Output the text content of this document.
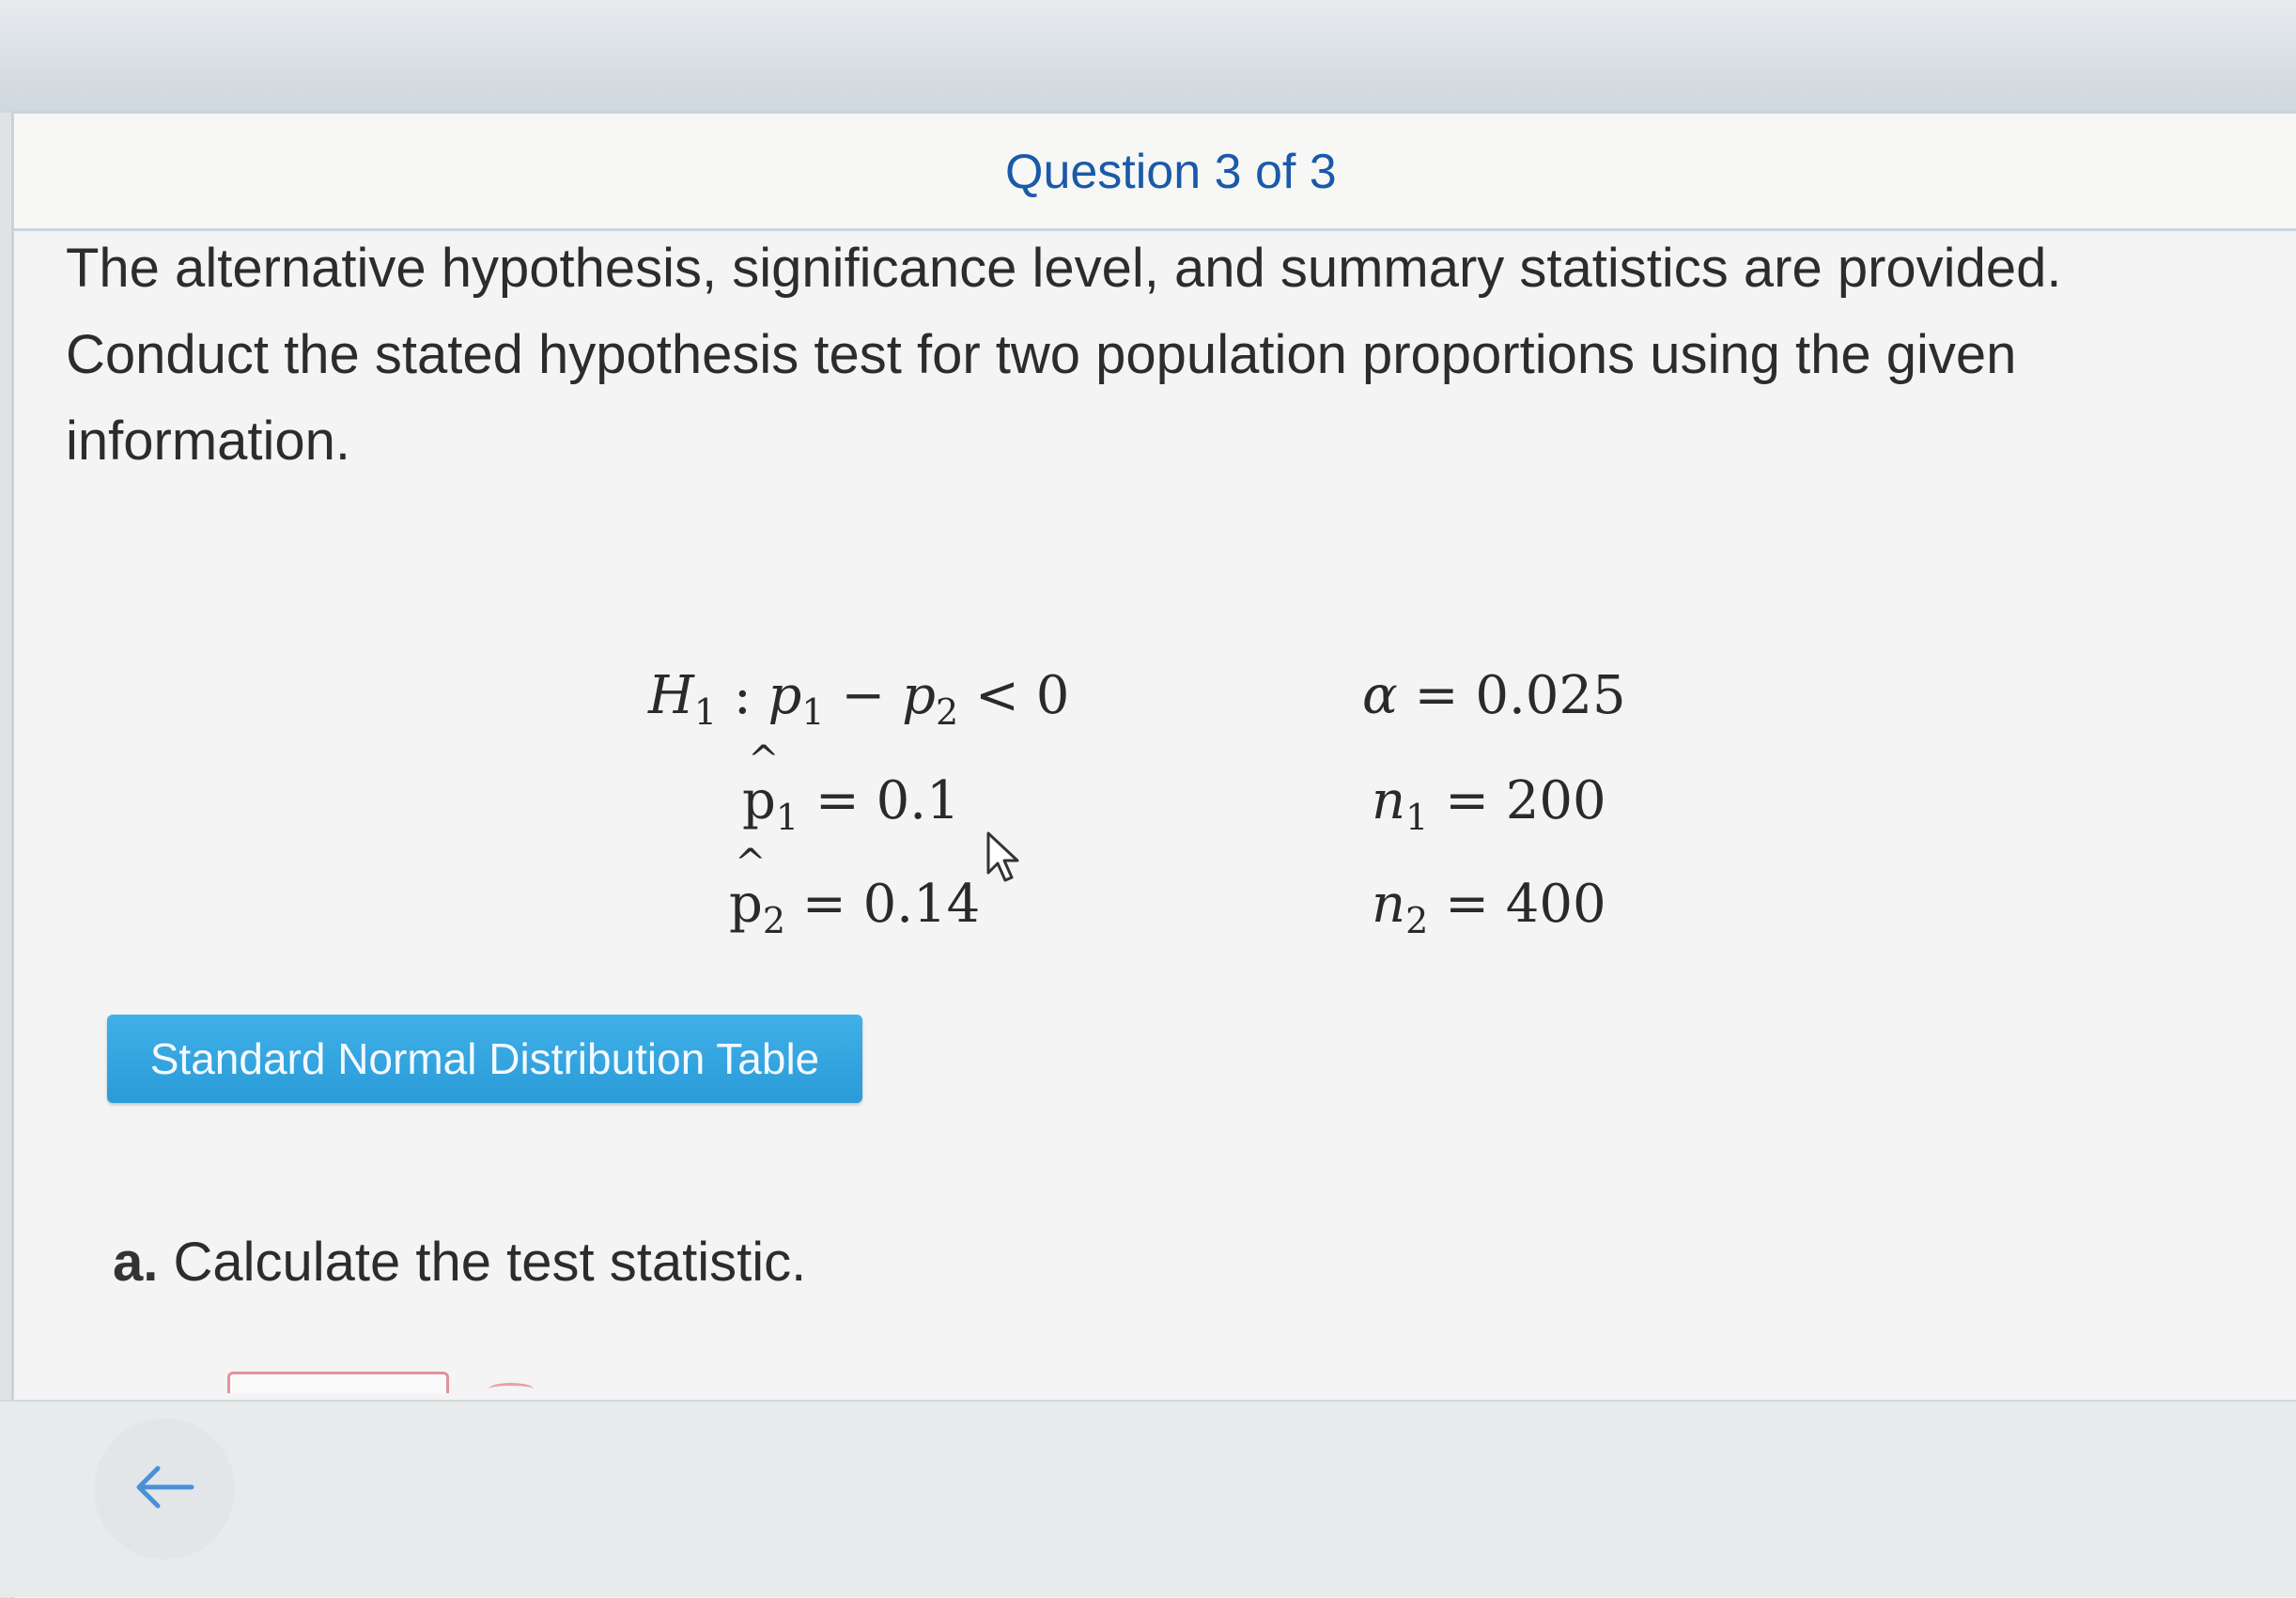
Question 3 of 3
The alternative hypothesis, significance level, and summary statistics are provided. Conduct the stated hypothesis test for two population proportions using the given information.
$H_1$ : $p_1 - p_2 < 0$	α = 0.025
^ $p_1 = 0.1$	$n_1 = 200$
^ $p_2 = 0.14$	$n_2 = 400$
Standard Normal Distribution Table
a. Calculate the test statistic.
